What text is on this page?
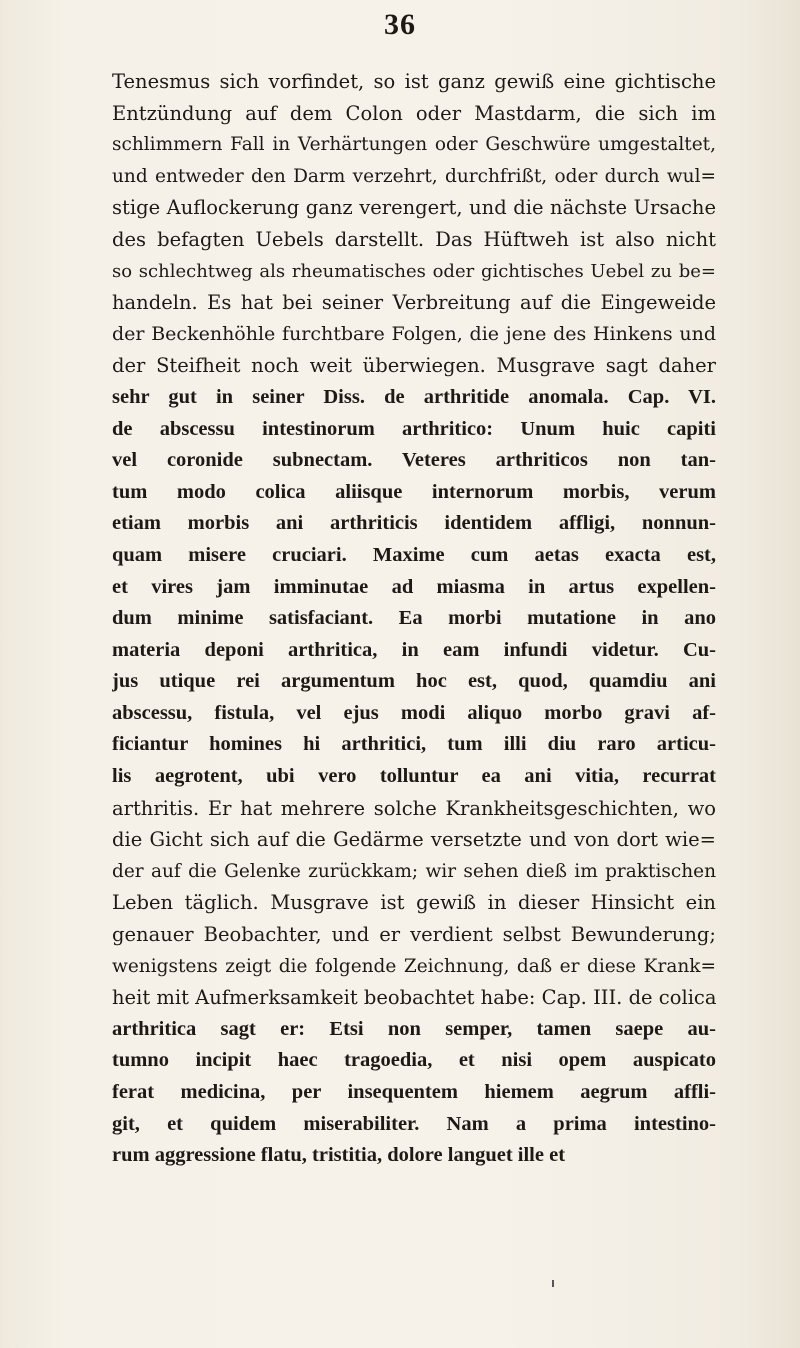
36
Tenesmus sich vorfindet, so ist ganz gewiß eine gichtische
Entzündung auf dem Colon oder Mastdarm, die sich im
schlimmern Fall in Verhärtungen oder Geschwüre umgestaltet,
und entweder den Darm verzehrt, durchfrißt, oder durch wul=
stige Auflockerung ganz verengert, und die nächste Ursache
des befagten Uebels darstellt. Das Hüftweh ist also nicht
so schlechtweg als rheumatisches oder gichtisches Uebel zu be=
handeln. Es hat bei seiner Verbreitung auf die Eingeweide
der Beckenhöhle furchtbare Folgen, die jene des Hinkens und
der Steifheit noch weit überwiegen. Musgrave sagt daher
sehr gut in seiner Diss. de arthritide anomala. Cap. VI.
de abscessu intestinorum arthritico: Unum huic capiti
vel coronide subnectam. Veteres arthriticos non tan-
tum modo colica aliisque internorum morbis, verum
etiam morbis ani arthriticis identidem affligi, nonnun-
quam misere cruciari. Maxime cum aetas exacta est,
et vires jam imminutae ad miasma in artus expellen-
dum minime satisfaciant. Ea morbi mutatione in ano
materia deponi arthritica, in eam infundi videtur. Cu-
jus utique rei argumentum hoc est, quod, quamdiu ani
abscessu, fistula, vel ejus modi aliquo morbo gravi af-
ficiantur homines hi arthritici, tum illi diu raro articu-
lis aegrotent, ubi vero tolluntur ea ani vitia, recurrat
arthritis. Er hat mehrere solche Krankheitsgeschichten, wo
die Gicht sich auf die Gedärme versetzte und von dort wie=
der auf die Gelenke zurückkam; wir sehen dieß im praktischen
Leben täglich. Musgrave ist gewiß in dieser Hinsicht ein
genauer Beobachter, und er verdient selbst Bewunderung;
wenigstens zeigt die folgende Zeichnung, daß er diese Krank=
heit mit Aufmerksamkeit beobachtet habe: Cap. III. de colica
arthritica sagt er: Etsi non semper, tamen saepe au-
tumno incipit haec tragoedia, et nisi opem auspicato
ferat medicina, per insequentem hiemem aegrum affli-
git, et quidem miserabiliter. Nam a prima intestino-
rum aggressione flatu, tristitia, dolore languet ille et
